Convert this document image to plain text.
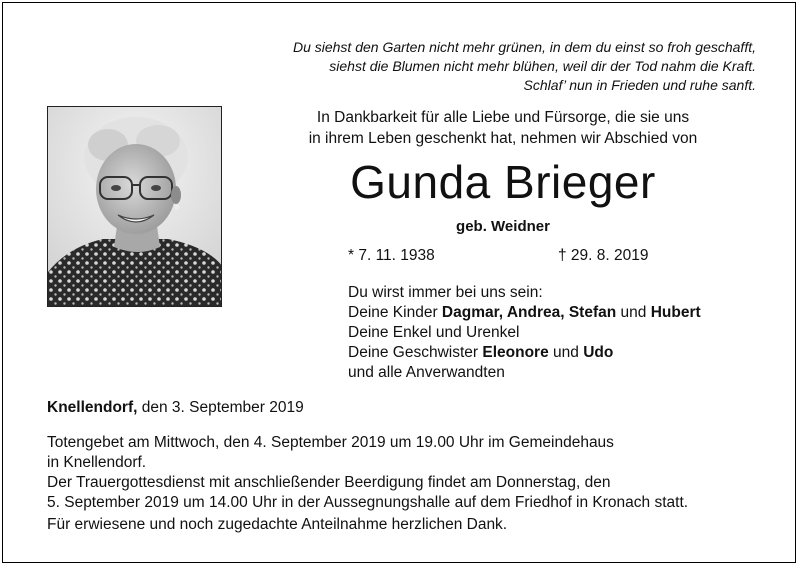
Du siehst den Garten nicht mehr grünen, in dem du einst so froh geschafft,
siehst die Blumen nicht mehr blühen, weil dir der Tod nahm die Kraft.
Schlaf’ nun in Frieden und ruhe sanft.
In Dankbarkeit für alle Liebe und Fürsorge, die sie uns
in ihrem Leben geschenkt hat, nehmen wir Abschied von
Gunda Brieger
geb. Weidner
* 7. 11. 1938	† 29. 8. 2019
Du wirst immer bei uns sein:
Deine Kinder Dagmar, Andrea, Stefan und Hubert
Deine Enkel und Urenkel
Deine Geschwister Eleonore und Udo
und alle Anverwandten
Knellendorf, den 3. September 2019
Totengebet am Mittwoch, den 4. September 2019 um 19.00 Uhr im Gemeindehaus
in Knellendorf.
Der Trauergottesdienst mit anschließender Beerdigung findet am Donnerstag, den
5. September 2019 um 14.00 Uhr in der Aussegnungshalle auf dem Friedhof in Kronach statt.
Für erwiesene und noch zugedachte Anteilnahme herzlichen Dank.
